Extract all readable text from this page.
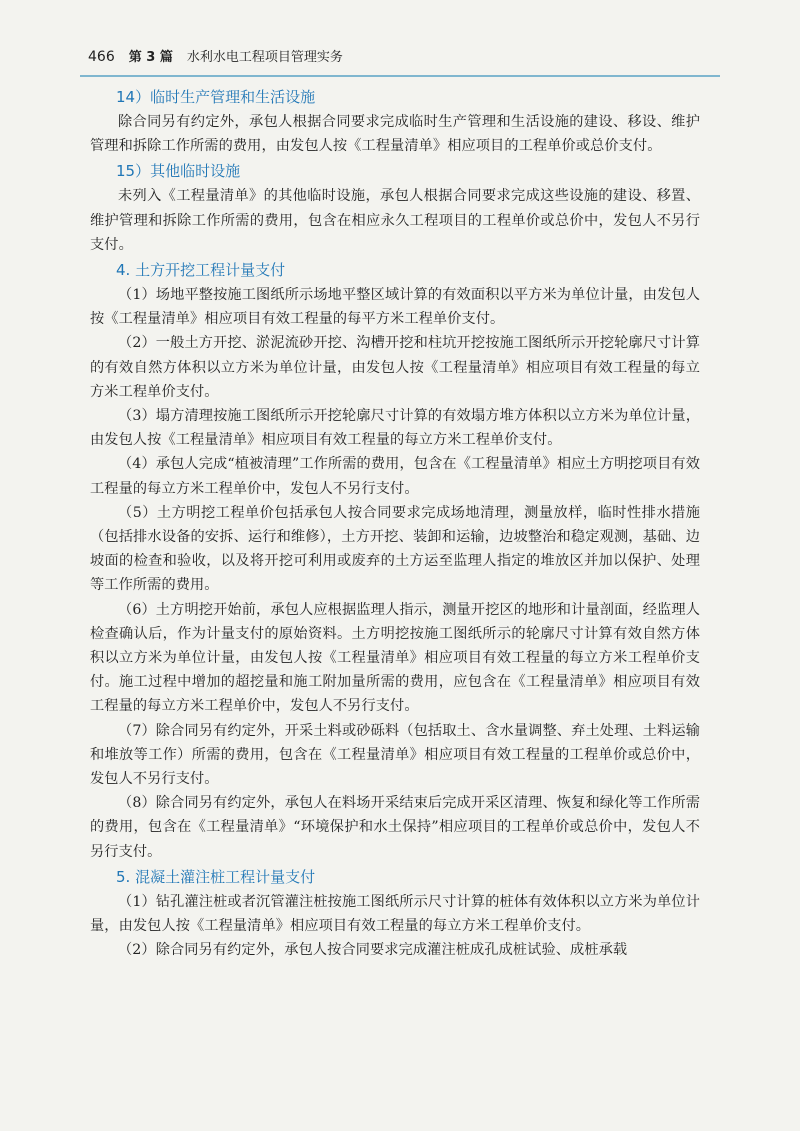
466 第 3 篇 水利水电工程项目管理实务
14）临时生产管理和生活设施

除合同另有约定外，承包人根据合同要求完成临时生产管理和生活设施的建设、移设、维护管理和拆除工作所需的费用，由发包人按《工程量清单》相应项目的工程单价或总价支付。

15）其他临时设施

未列入《工程量清单》的其他临时设施，承包人根据合同要求完成这些设施的建设、移置、维护管理和拆除工作所需的费用，包含在相应永久工程项目的工程单价或总价中，发包人不另行支付。

4. 土方开挖工程计量支付

（1）场地平整按施工图纸所示场地平整区域计算的有效面积以平方米为单位计量，由发包人按《工程量清单》相应项目有效工程量的每平方米工程单价支付。

（2）一般土方开挖、淤泥流砂开挖、沟槽开挖和柱坑开挖按施工图纸所示开挖轮廓尺寸计算的有效自然方体积以立方米为单位计量，由发包人按《工程量清单》相应项目有效工程量的每立方米工程单价支付。

（3）塌方清理按施工图纸所示开挖轮廓尺寸计算的有效塌方堆方体积以立方米为单位计量，由发包人按《工程量清单》相应项目有效工程量的每立方米工程单价支付。

（4）承包人完成“植被清理”工作所需的费用，包含在《工程量清单》相应土方明挖项目有效工程量的每立方米工程单价中，发包人不另行支付。

（5）土方明挖工程单价包括承包人按合同要求完成场地清理，测量放样，临时性排水措施（包括排水设备的安拆、运行和维修），土方开挖、装卸和运输，边坡整治和稳定观测，基础、边坡面的检查和验收，以及将开挖可利用或废弃的土方运至监理人指定的堆放区并加以保护、处理等工作所需的费用。

（6）土方明挖开始前，承包人应根据监理人指示，测量开挖区的地形和计量剖面，经监理人检查确认后，作为计量支付的原始资料。土方明挖按施工图纸所示的轮廓尺寸计算有效自然方体积以立方米为单位计量，由发包人按《工程量清单》相应项目有效工程量的每立方米工程单价支付。施工过程中增加的超挖量和施工附加量所需的费用，应包含在《工程量清单》相应项目有效工程量的每立方米工程单价中，发包人不另行支付。

（7）除合同另有约定外，开采土料或砂砾料（包括取土、含水量调整、弃土处理、土料运输和堆放等工作）所需的费用，包含在《工程量清单》相应项目有效工程量的工程单价或总价中，发包人不另行支付。

（8）除合同另有约定外，承包人在料场开采结束后完成开采区清理、恢复和绿化等工作所需的费用，包含在《工程量清单》“环境保护和水土保持”相应项目的工程单价或总价中，发包人不另行支付。

5. 混凝土灌注桩工程计量支付

（1）钻孔灌注桩或者沉管灌注桩按施工图纸所示尺寸计算的桩体有效体积以立方米为单位计量，由发包人按《工程量清单》相应项目有效工程量的每立方米工程单价支付。

（2）除合同另有约定外，承包人按合同要求完成灌注桩成孔成桩试验、成桩承载
